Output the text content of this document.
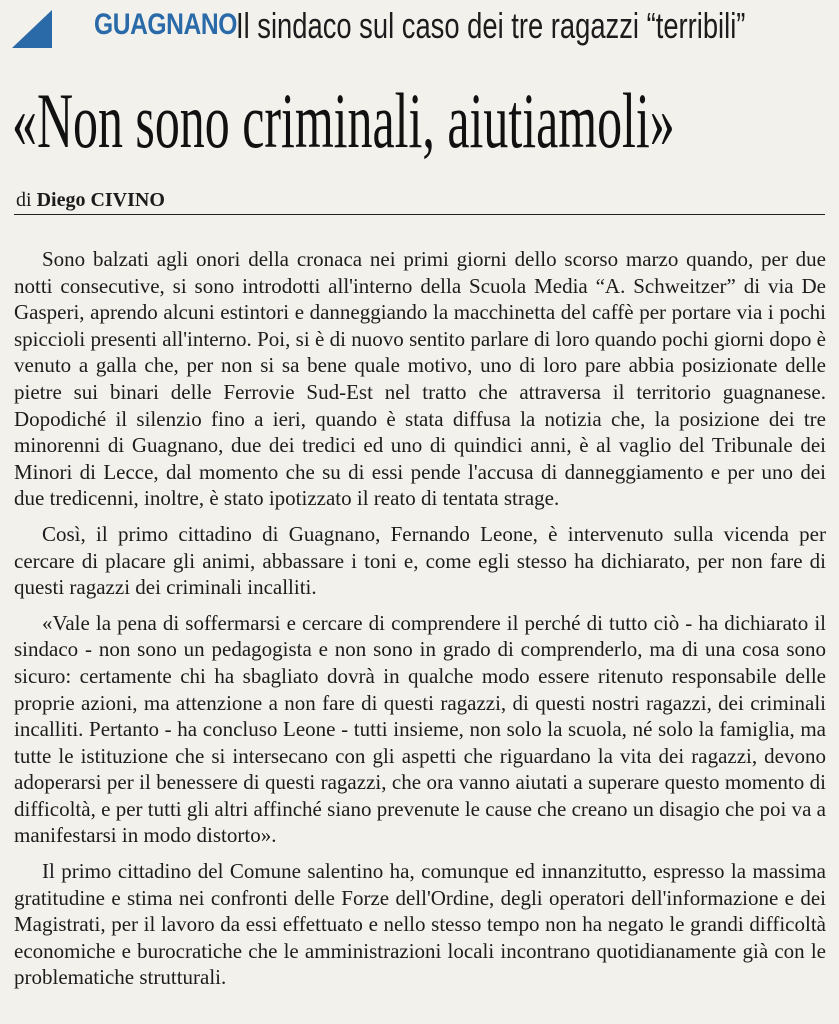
GUAGNANO Il sindaco sul caso dei tre ragazzi “terribili”
«Non sono criminali, aiutiamoli»
di Diego CIVINO

Sono balzati agli onori della cronaca nei primi giorni dello scorso marzo quando, per due notti consecutive, si sono introdotti all'interno della Scuola Media “A. Schweitzer” di via De Gasperi, aprendo alcuni estintori e danneggiando la macchinetta del caffè per portare via i pochi spiccioli presenti all'interno. Poi, si è di nuovo sentito parlare di loro quando pochi giorni dopo è venuto a galla che, per non si sa bene quale motivo, uno di loro pare abbia posizionate delle pietre sui binari delle Ferrovie Sud-Est nel tratto che attraversa il territorio guagnanese. Dopodiché il silenzio fino a ieri, quando è stata diffusa la notizia che, la posizione dei tre minorenni di Guagnano, due dei tredici ed uno di quindici anni, è al vaglio del Tribunale dei Minori di Lecce, dal momento che su di essi pende l'accusa di danneggiamento e per uno dei due tredicenni, inoltre, è stato ipotizzato il reato di tentata strage.

Così, il primo cittadino di Guagnano, Fernando Leone, è intervenuto sulla vicenda per cercare di placare gli animi, abbassare i toni e, come egli stesso ha dichiarato, per non fare di questi ragazzi dei criminali incalliti.

«Vale la pena di soffermarsi e cercare di comprendere il perché di tutto ciò - ha dichiarato il sindaco - non sono un pedagogista e non sono in grado di comprenderlo, ma di una cosa sono sicuro: certamente chi ha sbagliato dovrà in qualche modo essere ritenuto responsabile delle proprie azioni, ma attenzione a non fare di questi ragazzi, di questi nostri ragazzi, dei criminali incalliti. Pertanto - ha concluso Leone - tutti insieme, non solo la scuola, né solo la famiglia, ma tutte le istituzione che si intersecano con gli aspetti che riguardano la vita dei ragazzi, devono adoperarsi per il benessere di questi ragazzi, che ora vanno aiutati a superare questo momento di difficoltà, e per tutti gli altri affinché siano prevenute le cause che creano un disagio che poi va a manifestarsi in modo distorto».

Il primo cittadino del Comune salentino ha, comunque ed innanzitutto, espresso la massima gratitudine e stima nei confronti delle Forze dell'Ordine, degli operatori dell'informazione e dei Magistrati, per il lavoro da essi effettuato e nello stesso tempo non ha negato le grandi difficoltà economiche e burocratiche che le amministrazioni locali incontrano quotidianamente già con le problematiche strutturali.
